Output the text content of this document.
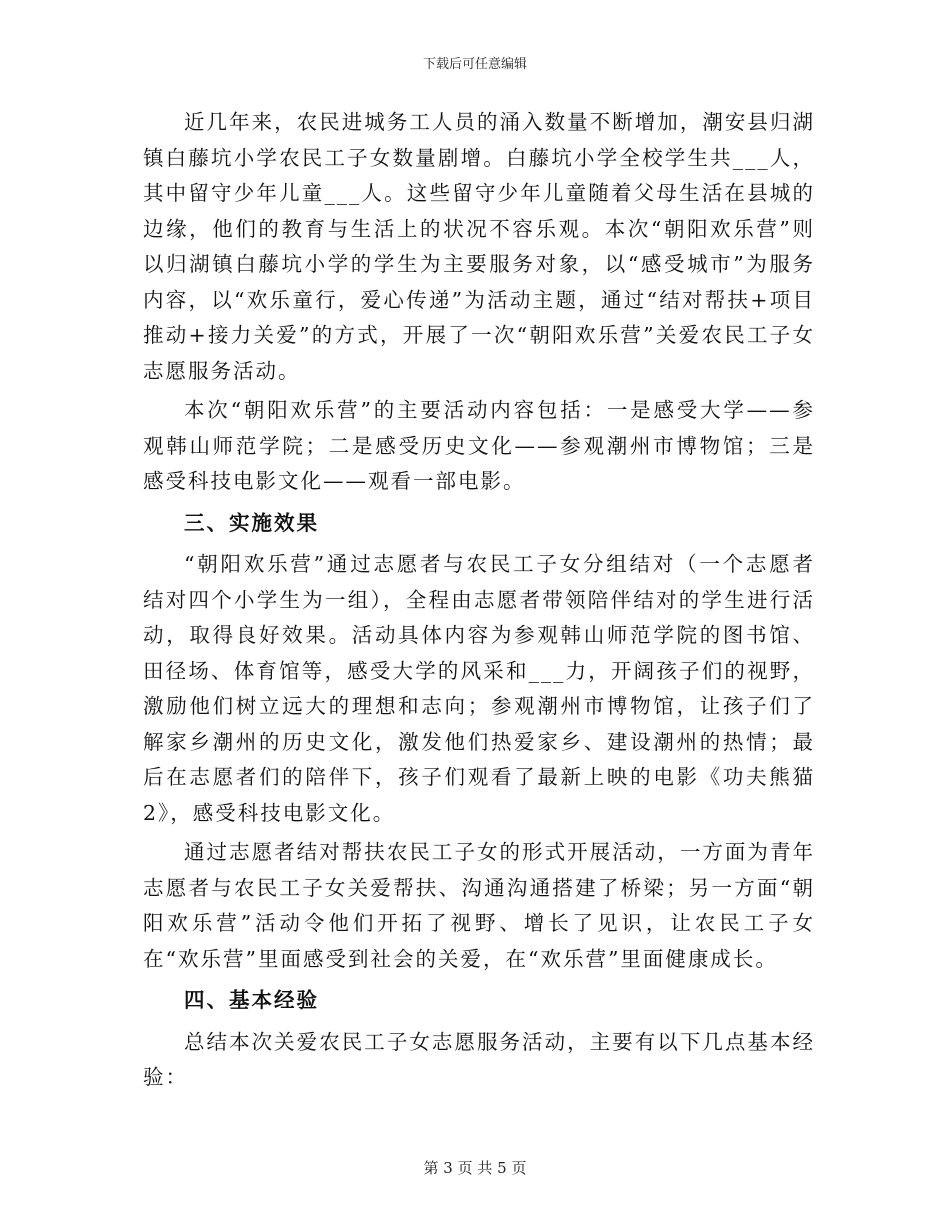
下载后可任意编辑

近几年来，农民进城务工人员的涌入数量不断增加，潮安县归湖镇白藤坑小学农民工子女数量剧增。白藤坑小学全校学生共___人，其中留守少年儿童___人。这些留守少年儿童随着父母生活在县城的边缘，他们的教育与生活上的状况不容乐观。本次“朝阳欢乐营”则以归湖镇白藤坑小学的学生为主要服务对象，以“感受城市”为服务内容，以“欢乐童行，爱心传递”为活动主题，通过“结对帮扶+项目推动+接力关爱”的方式，开展了一次“朝阳欢乐营”关爱农民工子女志愿服务活动。

本次“朝阳欢乐营”的主要活动内容包括：一是感受大学——参观韩山师范学院；二是感受历史文化——参观潮州市博物馆；三是感受科技电影文化——观看一部电影。

三、实施效果

“朝阳欢乐营”通过志愿者与农民工子女分组结对（一个志愿者结对四个小学生为一组），全程由志愿者带领陪伴结对的学生进行活动，取得良好效果。活动具体内容为参观韩山师范学院的图书馆、田径场、体育馆等，感受大学的风采和___力，开阔孩子们的视野，激励他们树立远大的理想和志向；参观潮州市博物馆，让孩子们了解家乡潮州的历史文化，激发他们热爱家乡、建设潮州的热情；最后在志愿者们的陪伴下，孩子们观看了最新上映的电影《功夫熊猫2》，感受科技电影文化。

通过志愿者结对帮扶农民工子女的形式开展活动，一方面为青年志愿者与农民工子女关爱帮扶、沟通沟通搭建了桥梁；另一方面“朝阳欢乐营”活动令他们开拓了视野、增长了见识，让农民工子女在“欢乐营”里面感受到社会的关爱，在“欢乐营”里面健康成长。

四、基本经验

总结本次关爱农民工子女志愿服务活动，主要有以下几点基本经验：

第 3 页 共 5 页
